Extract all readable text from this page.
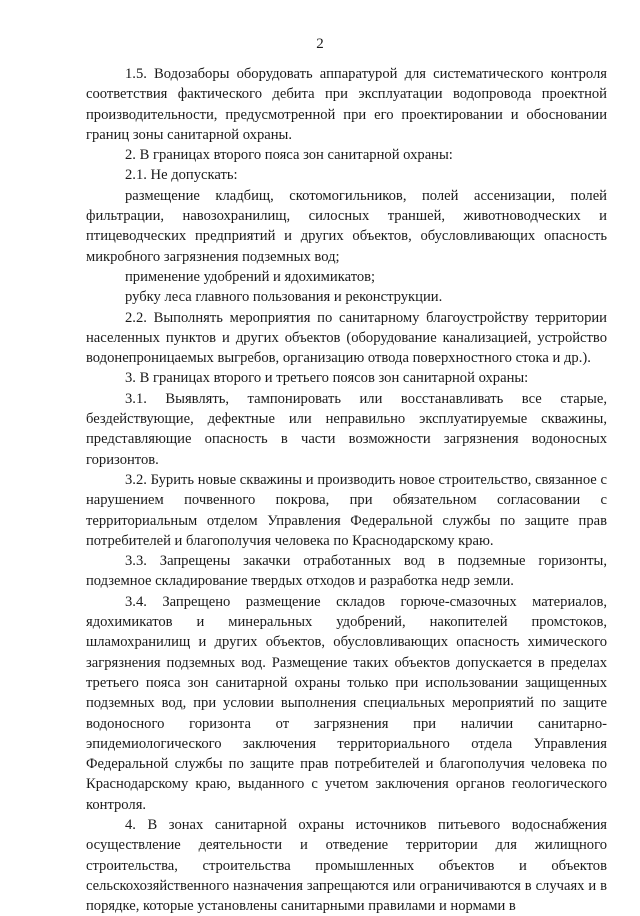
2

1.5. Водозаборы оборудовать аппаратурой для систематического контроля соответствия фактического дебита при эксплуатации водопровода проектной производительности, предусмотренной при его проектировании и обосновании границ зоны санитарной охраны.

2. В границах второго пояса зон санитарной охраны:

2.1. Не допускать:

размещение кладбищ, скотомогильников, полей ассенизации, полей фильтрации, навозохранилищ, силосных траншей, животноводческих и птицеводческих предприятий и других объектов, обусловливающих опасность микробного загрязнения подземных вод;

применение удобрений и ядохимикатов;

рубку леса главного пользования и реконструкции.

2.2. Выполнять мероприятия по санитарному благоустройству территории населенных пунктов и других объектов (оборудование канализацией, устройство водонепроницаемых выгребов, организацию отвода поверхностного стока и др.).

3. В границах второго и третьего поясов зон санитарной охраны:

3.1. Выявлять, тампонировать или восстанавливать все старые, бездействующие, дефектные или неправильно эксплуатируемые скважины, представляющие опасность в части возможности загрязнения водоносных горизонтов.

3.2. Бурить новые скважины и производить новое строительство, связанное с нарушением почвенного покрова, при обязательном согласовании с территориальным отделом Управления Федеральной службы по защите прав потребителей и благополучия человека по Краснодарскому краю.

3.3. Запрещены закачки отработанных вод в подземные горизонты, подземное складирование твердых отходов и разработка недр земли.

3.4. Запрещено размещение складов горюче-смазочных материалов, ядохимикатов и минеральных удобрений, накопителей промстоков, шламохранилищ и других объектов, обусловливающих опасность химического загрязнения подземных вод. Размещение таких объектов допускается в пределах третьего пояса зон санитарной охраны только при использовании защищенных подземных вод, при условии выполнения специальных мероприятий по защите водоносного горизонта от загрязнения при наличии санитарно-эпидемиологического заключения территориального отдела Управления Федеральной службы по защите прав потребителей и благополучия человека по Краснодарскому краю, выданного с учетом заключения органов геологического контроля.

4. В зонах санитарной охраны источников питьевого водоснабжения осуществление деятельности и отведение территории для жилищного строительства, строительства промышленных объектов и объектов сельскохозяйственного назначения запрещаются или ограничиваются в случаях и в порядке, которые установлены санитарными правилами и нормами в
